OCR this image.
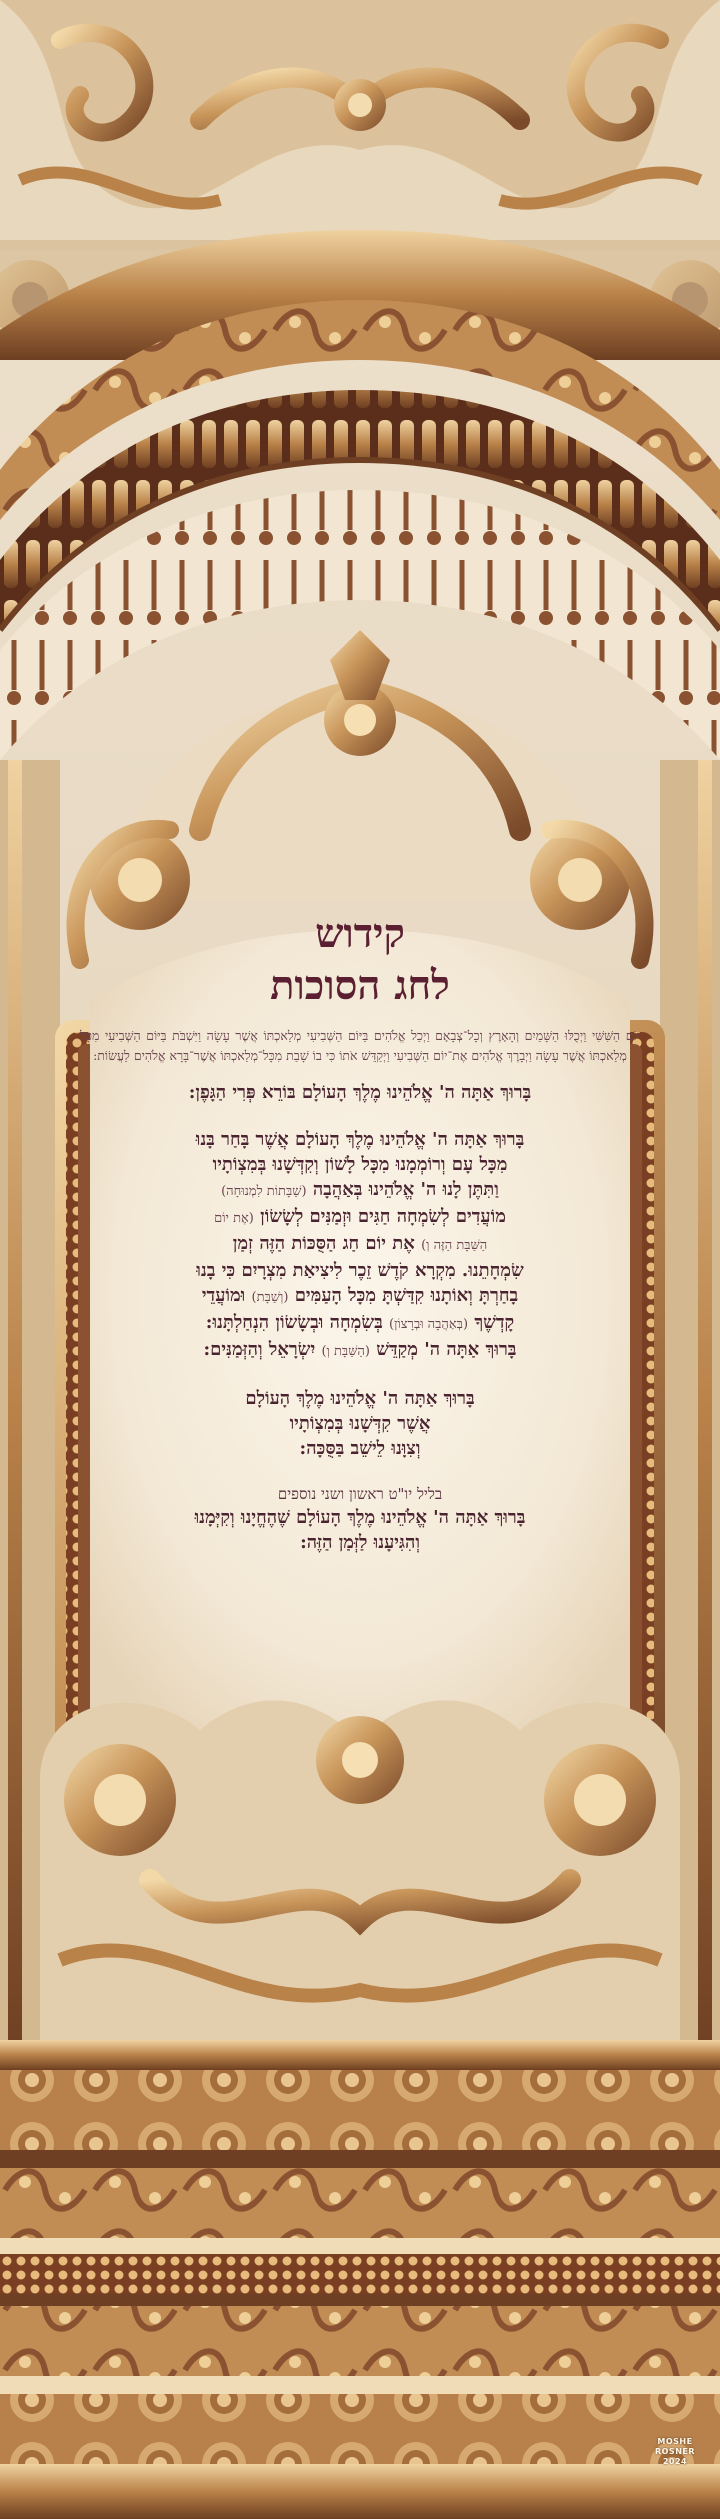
קידוש
לחג הסוכות
יוֹם הַשִּׁשִּׁי וַיְכֻלּוּ הַשָּׁמַיִם וְהָאָרֶץ וְכָל־צְבָאָם וַיְכַל אֱלֹהִים בַּיּוֹם הַשְּׁבִיעִי מְלַאכְתּוֹ אֲשֶׁר עָשָׂה וַיִּשְׁבֹּת בַּיּוֹם הַשְּׁבִיעִי מִכָּל מְלַאכְתּוֹ אֲשֶׁר עָשָׂה וַיְבָרֶךְ אֱלֹהִים אֶת־יוֹם הַשְּׁבִיעִי וַיְקַדֵּשׁ אֹתוֹ כִּי בוֹ שָׁבַת מִכָּל־מְלַאכְתּוֹ אֲשֶׁר־בָּרָא אֱלֹהִים לַעֲשׂוֹת:
בָּרוּךְ אַתָּה ה' אֱלֹהֵינוּ מֶלֶךְ הָעוֹלָם בּוֹרֵא פְּרִי הַגָּפֶן:
בָּרוּךְ אַתָּה ה' אֱלֹהֵינוּ מֶלֶךְ הָעוֹלָם אֲשֶׁר בָּחַר בָּנוּ
מִכָּל עָם וְרוֹמְמָנוּ מִכָּל לָשׁוֹן וְקִדְּשָׁנוּ בְּמִצְוֹתָיו
וַתִּתֶּן לָנוּ ה' אֱלֹהֵינוּ בְּאַהֲבָה (שַׁבָּתוֹת לִמְנוּחָה)
מוֹעֲדִים לְשִׂמְחָה חַגִּים וּזְמַנִּים לְשָׂשׂוֹן (אֶת יוֹם
הַשַּׁבָּת הַזֶּה וְ) אֶת יוֹם חַג הַסֻּכּוֹת הַזֶּה זְמַן
שִׂמְחָתֵנוּ. מִקְרָא קֹדֶשׁ זֵכֶר לִיצִיאַת מִצְרָיִם כִּי בָנוּ
בָחַרְתָּ וְאוֹתָנוּ קִדַּשְׁתָּ מִכָּל הָעַמִּים (וְשַׁבָּת) וּמוֹעֲדֵי
קָדְשֶׁךָ (בְּאַהֲבָה וּבְרָצוֹן) בְּשִׂמְחָה וּבְשָׂשׂוֹן הִנְחַלְתָּנוּ:
בָּרוּךְ אַתָּה ה' מְקַדֵּשׁ (הַשַּׁבָּת וְ) יִשְׂרָאֵל וְהַזְּמַנִּים:
בָּרוּךְ אַתָּה ה' אֱלֹהֵינוּ מֶלֶךְ הָעוֹלָם
אֲשֶׁר קִדְּשָׁנוּ בְּמִצְוֹתָיו
וְצִוָּנוּ לֵישֵׁב בַּסֻּכָּה:
בליל יו"ט ראשון ושני נוספים
בָּרוּךְ אַתָּה ה' אֱלֹהֵינוּ מֶלֶךְ הָעוֹלָם שֶׁהֶחֱיָנוּ וְקִיְּמָנוּ
וְהִגִּיעָנוּ לַזְּמַן הַזֶּה:
MOSHE
ROSNER
2024
